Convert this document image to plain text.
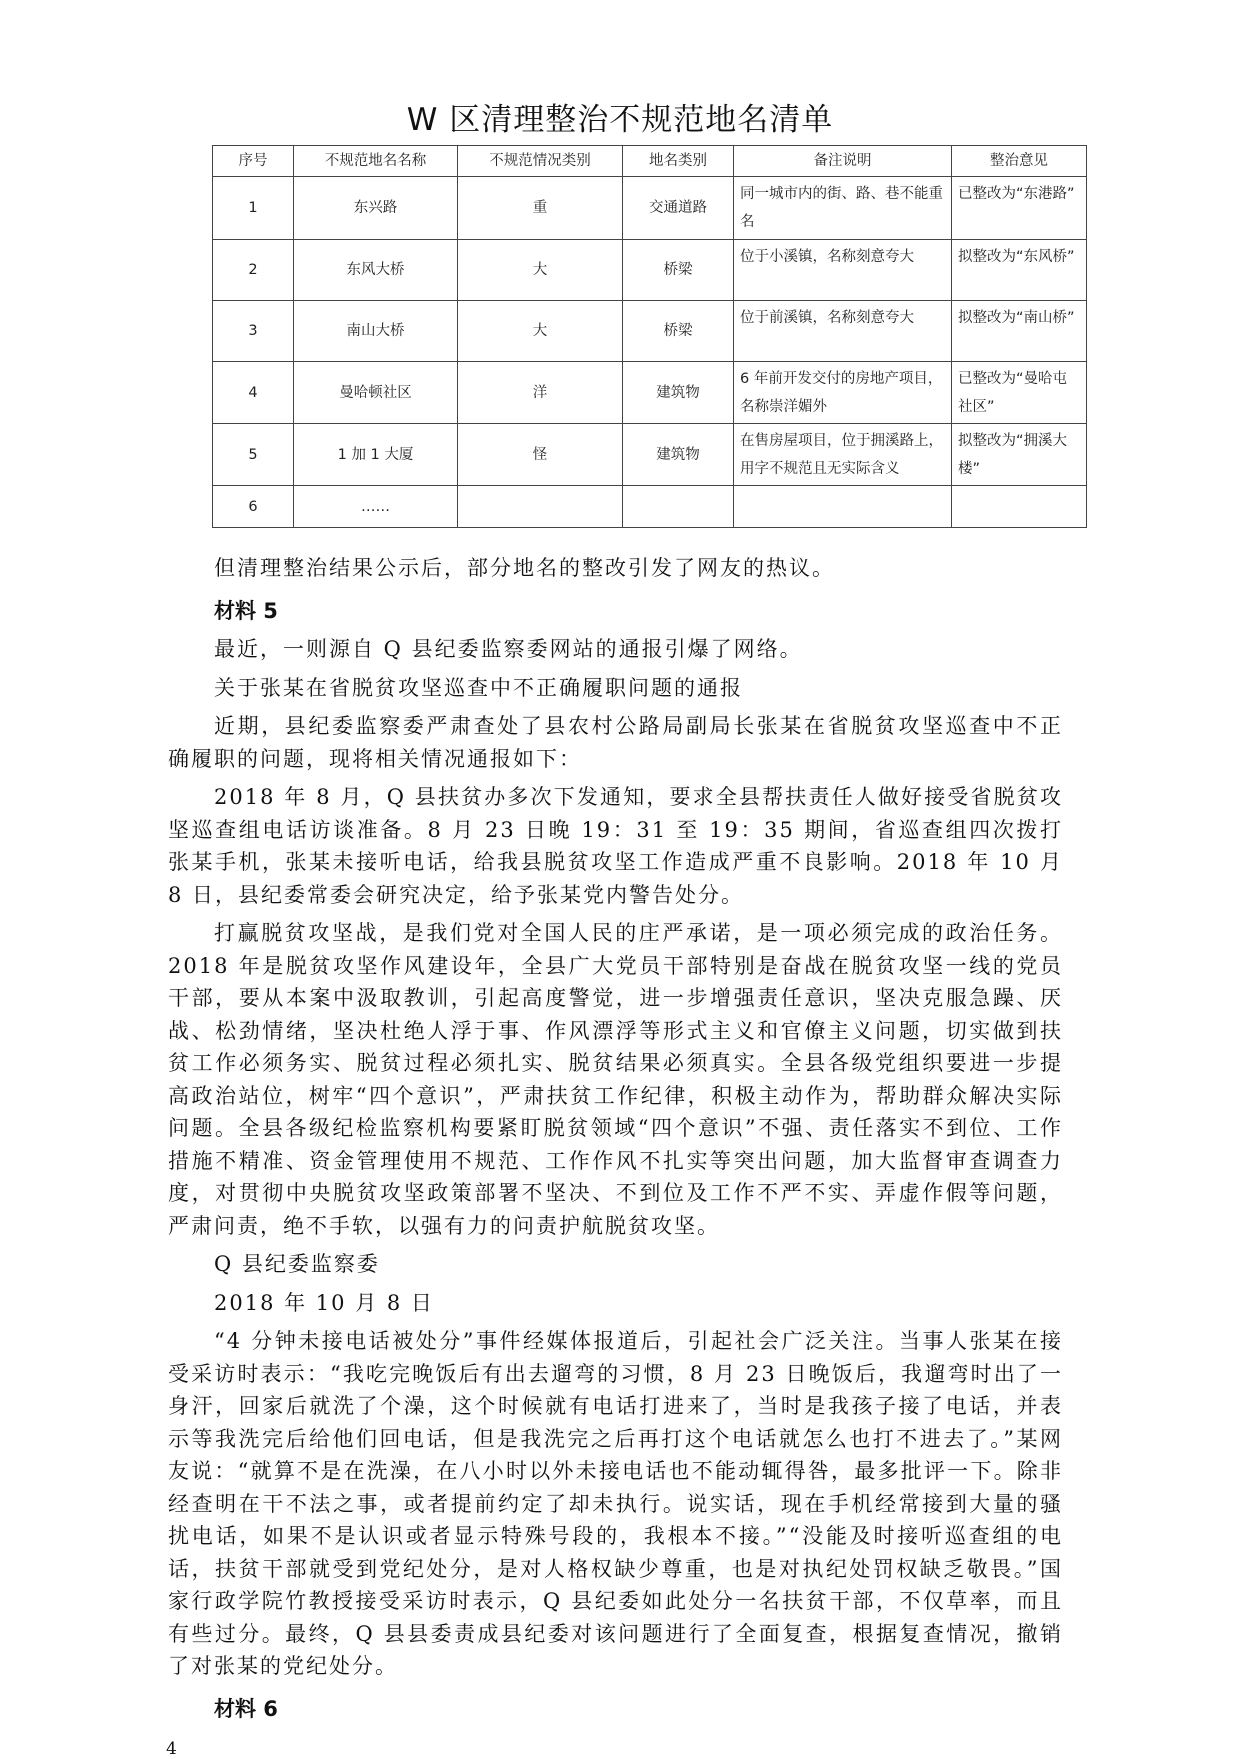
W 区清理整治不规范地名清单
序号	不规范地名名称	不规范情况类别	地名类别	备注说明	整治意见
1	东兴路	重	交通道路	同一城市内的街、路、巷不能重名	已整改为“东港路”
2	东风大桥	大	桥梁	位于小溪镇，名称刻意夸大	拟整改为“东风桥”
3	南山大桥	大	桥梁	位于前溪镇，名称刻意夸大	拟整改为“南山桥”
4	曼哈顿社区	洋	建筑物	6 年前开发交付的房地产项目，名称崇洋媚外	已整改为“曼哈屯社区”
5	1 加 1 大厦	怪	建筑物	在售房屋项目，位于拥溪路上，用字不规范且无实际含义	拟整改为“拥溪大楼”
6	……				
但清理整治结果公示后，部分地名的整改引发了网友的热议。
材料 5
最近，一则源自 Q 县纪委监察委网站的通报引爆了网络。
关于张某在省脱贫攻坚巡查中不正确履职问题的通报
近期，县纪委监察委严肃查处了县农村公路局副局长张某在省脱贫攻坚巡查中不正确履职的问题，现将相关情况通报如下：
2018 年 8 月，Q 县扶贫办多次下发通知，要求全县帮扶责任人做好接受省脱贫攻坚巡查组电话访谈准备。8 月 23 日晚 19：31 至 19：35 期间，省巡查组四次拨打张某手机，张某未接听电话，给我县脱贫攻坚工作造成严重不良影响。2018 年 10 月 8 日，县纪委常委会研究决定，给予张某党内警告处分。
打赢脱贫攻坚战，是我们党对全国人民的庄严承诺，是一项必须完成的政治任务。2018 年是脱贫攻坚作风建设年，全县广大党员干部特别是奋战在脱贫攻坚一线的党员干部，要从本案中汲取教训，引起高度警觉，进一步增强责任意识，坚决克服急躁、厌战、松劲情绪，坚决杜绝人浮于事、作风漂浮等形式主义和官僚主义问题，切实做到扶贫工作必须务实、脱贫过程必须扎实、脱贫结果必须真实。全县各级党组织要进一步提高政治站位，树牢“四个意识”，严肃扶贫工作纪律，积极主动作为，帮助群众解决实际问题。全县各级纪检监察机构要紧盯脱贫领域“四个意识”不强、责任落实不到位、工作措施不精准、资金管理使用不规范、工作作风不扎实等突出问题，加大监督审查调查力度，对贯彻中央脱贫攻坚政策部署不坚决、不到位及工作不严不实、弄虚作假等问题，严肃问责，绝不手软，以强有力的问责护航脱贫攻坚。
Q 县纪委监察委
2018 年 10 月 8 日
“4 分钟未接电话被处分”事件经媒体报道后，引起社会广泛关注。当事人张某在接受采访时表示：“我吃完晚饭后有出去遛弯的习惯，8 月 23 日晚饭后，我遛弯时出了一身汗，回家后就洗了个澡，这个时候就有电话打进来了，当时是我孩子接了电话，并表示等我洗完后给他们回电话，但是我洗完之后再打这个电话就怎么也打不进去了。”某网友说：“就算不是在洗澡，在八小时以外未接电话也不能动辄得咎，最多批评一下。除非经查明在干不法之事，或者提前约定了却未执行。说实话，现在手机经常接到大量的骚扰电话，如果不是认识或者显示特殊号段的，我根本不接。”“没能及时接听巡查组的电话，扶贫干部就受到党纪处分，是对人格权缺少尊重，也是对执纪处罚权缺乏敬畏。”国家行政学院竹教授接受采访时表示，Q 县纪委如此处分一名扶贫干部，不仅草率，而且有些过分。最终，Q 县县委责成县纪委对该问题进行了全面复查，根据复查情况，撤销了对张某的党纪处分。
材料 6
4
